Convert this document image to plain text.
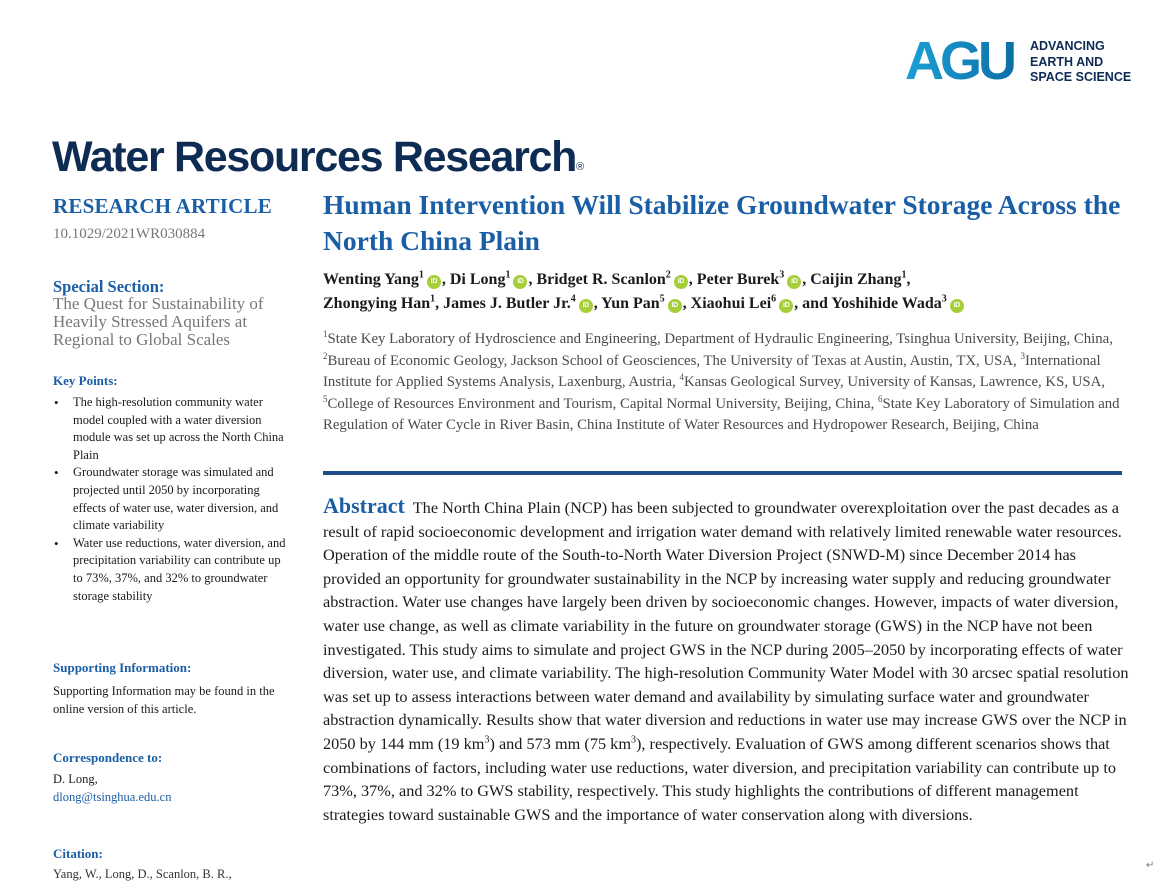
AGU ADVANCING
EARTH AND
SPACE SCIENCE
Water Resources Research®
RESEARCH ARTICLE
10.1029/2021WR030884
Special Section:
The Quest for Sustainability of Heavily Stressed Aquifers at Regional to Global Scales
Key Points:
• The high-resolution community water model coupled with a water diversion module was set up across the North China Plain
• Groundwater storage was simulated and projected until 2050 by incorporating effects of water use, water diversion, and climate variability
• Water use reductions, water diversion, and precipitation variability can contribute up to 73%, 37%, and 32% to groundwater storage stability
Supporting Information:
Supporting Information may be found in the online version of this article.
Correspondence to:
D. Long,
dlong@tsinghua.edu.cn
Citation:
Yang, W., Long, D., Scanlon, B. R.,
Human Intervention Will Stabilize Groundwater Storage Across the North China Plain
Wenting Yang$^1$iD , Di Long$^1$iD , Bridget R. Scanlon$^2$iD , Peter Burek$^3$iD , Caijin Zhang$^1$,
Zhongying Han$^1$, James J. Butler Jr.$^4$iD , Yun Pan$^5$iD , Xiaohui Lei$^6$iD , and Yoshihide Wada$^3$iD
$^1$State Key Laboratory of Hydroscience and Engineering, Department of Hydraulic Engineering, Tsinghua University, Beijing, China, $^2$Bureau of Economic Geology, Jackson School of Geosciences, The University of Texas at Austin, Austin, TX, USA, $^3$International Institute for Applied Systems Analysis, Laxenburg, Austria, $^4$Kansas Geological Survey, University of Kansas, Lawrence, KS, USA, $^5$College of Resources Environment and Tourism, Capital Normal University, Beijing, China, $^6$State Key Laboratory of Simulation and Regulation of Water Cycle in River Basin, China Institute of Water Resources and Hydropower Research, Beijing, China
Abstract The North China Plain (NCP) has been subjected to groundwater overexploitation over the past decades as a result of rapid socioeconomic development and irrigation water demand with relatively limited renewable water resources. Operation of the middle route of the South-to-North Water Diversion Project (SNWD-M) since December 2014 has provided an opportunity for groundwater sustainability in the NCP by increasing water supply and reducing groundwater abstraction. Water use changes have largely been driven by socioeconomic changes. However, impacts of water diversion, water use change, as well as climate variability in the future on groundwater storage (GWS) in the NCP have not been investigated. This study aims to simulate and project GWS in the NCP during 2005–2050 by incorporating effects of water diversion, water use, and climate variability. The high-resolution Community Water Model with 30 arcsec spatial resolution was set up to assess interactions between water demand and availability by simulating surface water and groundwater abstraction dynamically. Results show that water diversion and reductions in water use may increase GWS over the NCP in 2050 by 144 mm (19 $km^3$) and 573 mm (75 $km^3$), respectively. Evaluation of GWS among different scenarios shows that combinations of factors, including water use reductions, water diversion, and precipitation variability can contribute up to 73%, 37%, and 32% to GWS stability, respectively. This study highlights the contributions of different management strategies toward sustainable GWS and the importance of water conservation along with diversions.
↵
